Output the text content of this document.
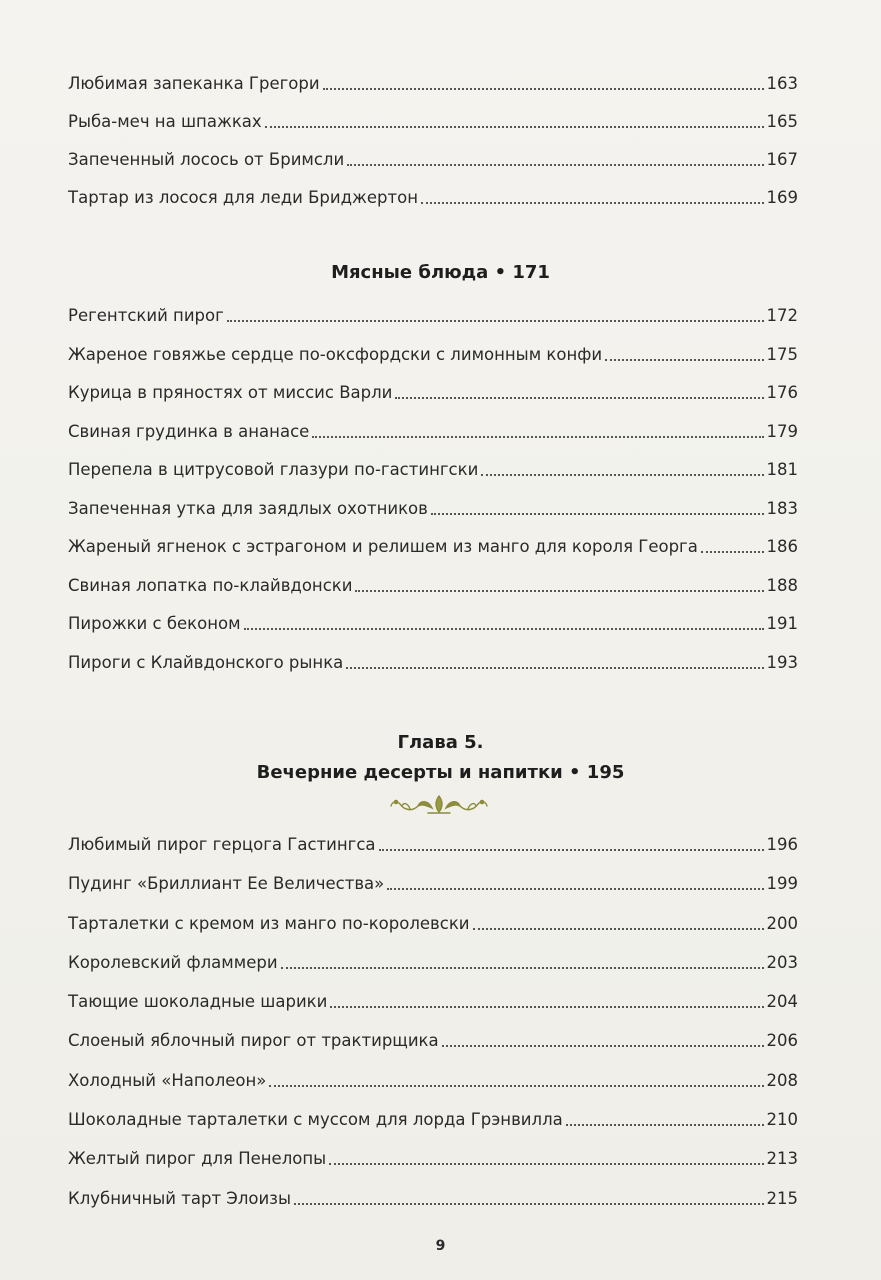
Любимая запеканка Грегори	163
Рыба-меч на шпажках	165
Запеченный лосось от Бримсли	167
Тартар из лосося для леди Бриджертон	169
Мясные блюда • 171
Регентский пирог	172
Жареное говяжье сердце по-оксфордски с лимонным конфи	175
Курица в пряностях от миссис Варли	176
Свиная грудинка в ананасе	179
Перепела в цитрусовой глазури по-гастингски	181
Запеченная утка для заядлых охотников	183
Жареный ягненок с эстрагоном и релишем из манго для короля Георга	186
Свиная лопатка по-клайвдонски	188
Пирожки с беконом	191
Пироги с Клайвдонского рынка	193
Глава 5.
Вечерние десерты и напитки • 195
Любимый пирог герцога Гастингса	196
Пудинг «Бриллиант Ее Величества»	199
Тарталетки с кремом из манго по-королевски	200
Королевский фламмери	203
Тающие шоколадные шарики	204
Слоеный яблочный пирог от трактирщика	206
Холодный «Наполеон»	208
Шоколадные тарталетки с муссом для лорда Грэнвилла	210
Желтый пирог для Пенелопы	213
Клубничный тарт Элоизы	215
9
